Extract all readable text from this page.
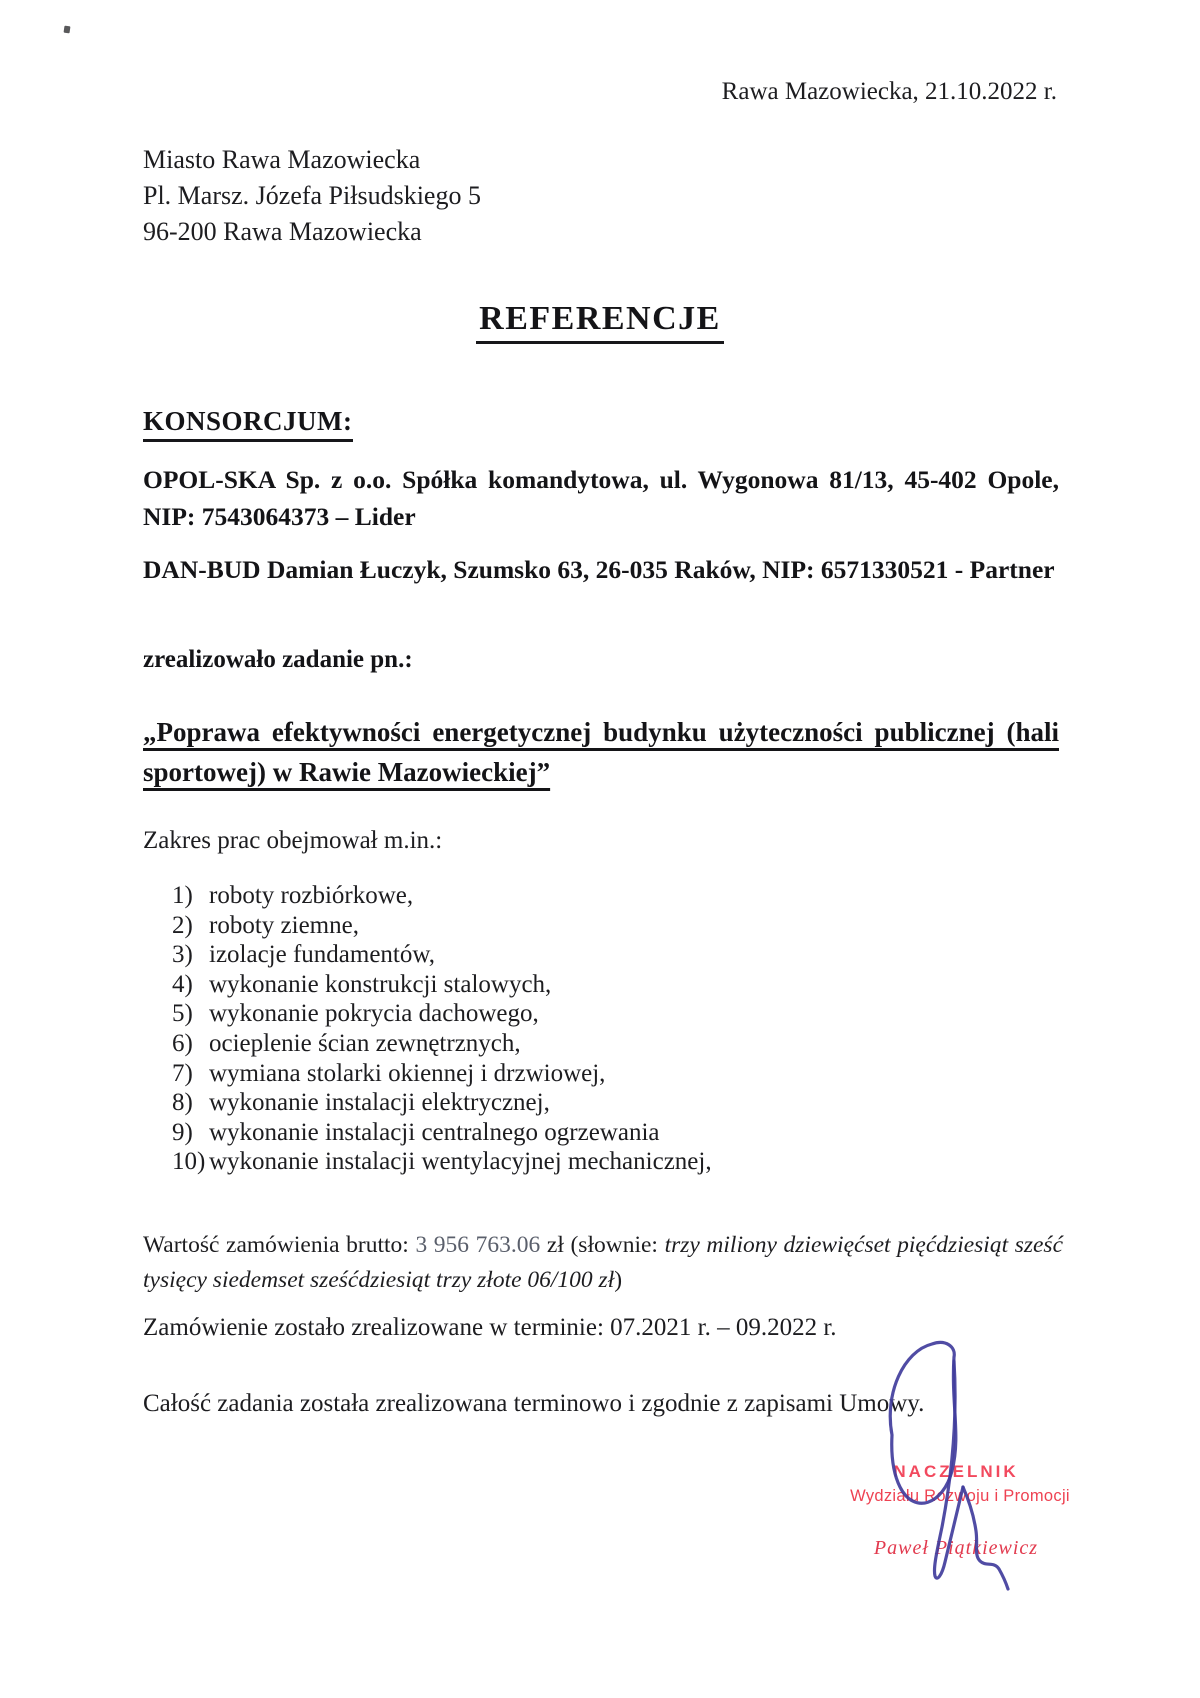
Rawa Mazowiecka, 21.10.2022 r.
Miasto Rawa Mazowiecka
Pl. Marsz. Józefa Piłsudskiego 5
96-200 Rawa Mazowiecka
REFERENCJE
KONSORCJUM:
OPOL-SKA Sp. z o.o. Spółka komandytowa, ul. Wygonowa 81/13, 45-402 Opole, NIP: 7543064373 – Lider
DAN-BUD Damian Łuczyk, Szumsko 63, 26-035 Raków, NIP: 6571330521 - Partner
zrealizowało zadanie pn.:
„Poprawa efektywności energetycznej budynku użyteczności publicznej (hali sportowej) w Rawie Mazowieckiej”
Zakres prac obejmował m.in.:
1) roboty rozbiórkowe,
2) roboty ziemne,
3) izolacje fundamentów,
4) wykonanie konstrukcji stalowych,
5) wykonanie pokrycia dachowego,
6) ocieplenie ścian zewnętrznych,
7) wymiana stolarki okiennej i drzwiowej,
8) wykonanie instalacji elektrycznej,
9) wykonanie instalacji centralnego ogrzewania
10) wykonanie instalacji wentylacyjnej mechanicznej,
Wartość zamówienia brutto: 3 956 763.06 zł (słownie: trzy miliony dziewięćset pięćdziesiąt sześć tysięcy siedemset sześćdziesiąt trzy złote 06/100 zł)
Zamówienie zostało zrealizowane w terminie: 07.2021 r. – 09.2022 r.
Całość zadania została zrealizowana terminowo i zgodnie z zapisami Umowy.
NACZELNIK
Wydziału Rozwoju i Promocji
Paweł Piątkiewicz
